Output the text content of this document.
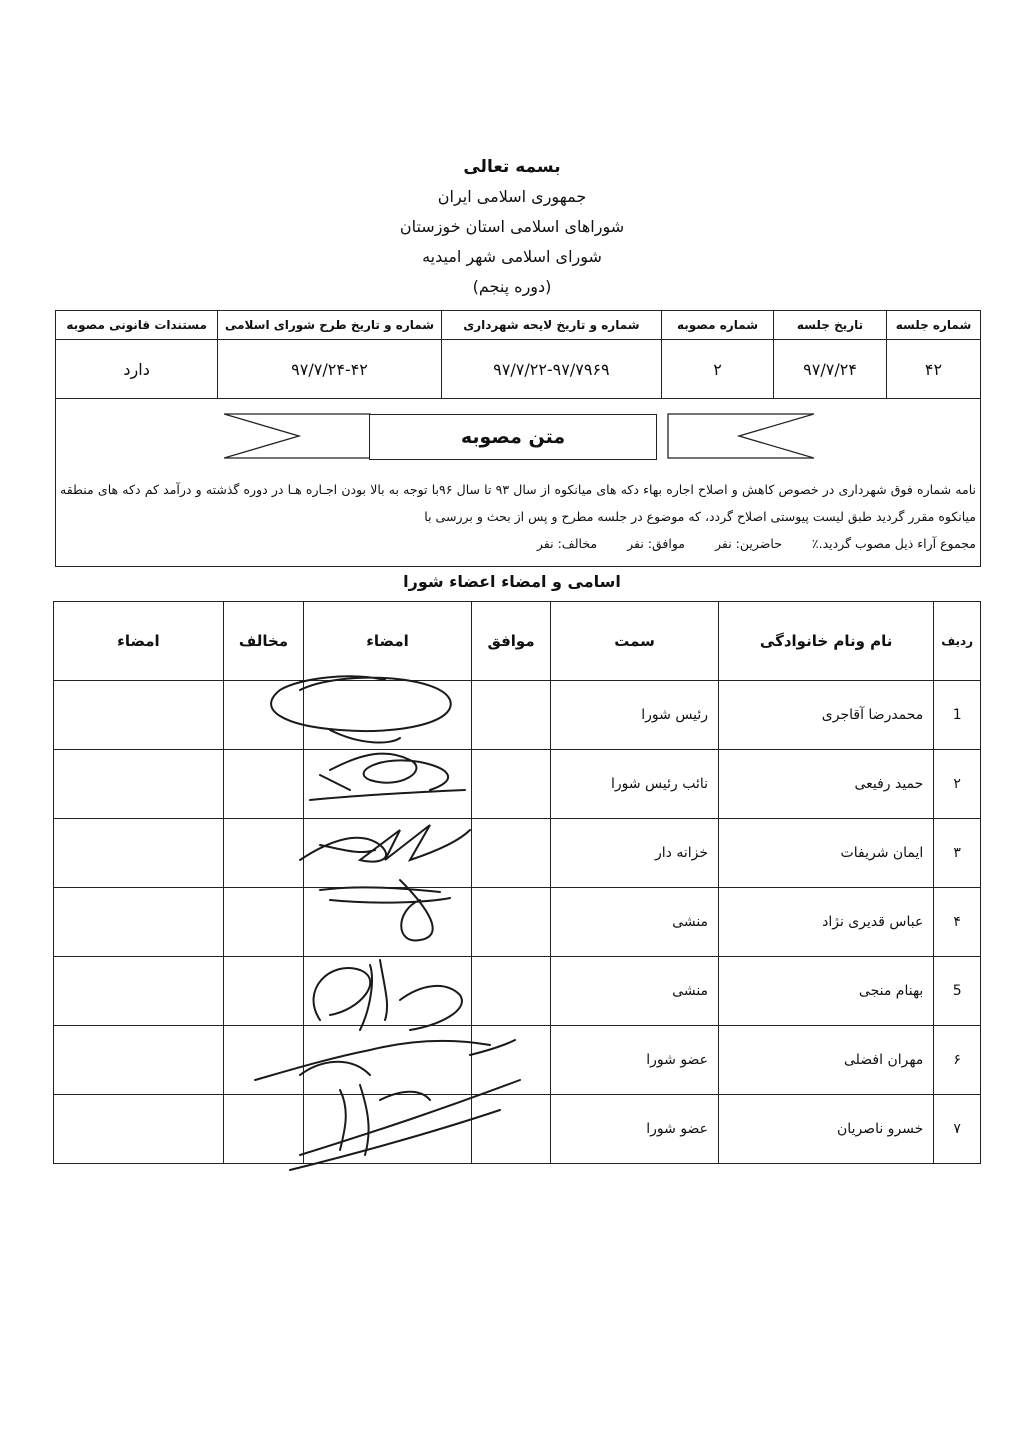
بسمه تعالی
جمهوری اسلامی ایران
شوراهای اسلامی استان خوزستان
شورای اسلامی شهر امیدیه
(دوره پنجم)
شماره جلسه	تاریخ جلسه	شماره مصوبه	شماره و تاریخ لایحه شهرداری	شماره و تاریخ طرح شورای اسلامی	مستندات قانونی مصوبه
۴۲	۹۷/۷/۲۴	۲	۹۷/۷/۲۲-۹۷/۷۹۶۹	۹۷/۷/۲۴-۴۲	دارد
متن مصوبه
نامه شماره فوق شهرداری در خصوص کاهش و اصلاح اجاره بهاء دکه های میانکوه از سال ۹۳ تا سال ۹۶با توجه به بالا بودن اجـاره هـا در دوره گذشته و درآمد کم دکه های منطقه میانکوه مقرر گردید طبق لیست پیوستی اصلاح گردد، که موضوع در جلسه مطرح و پس از بحث و بررسی با
مجموع آراء ذیل مصوب گردید.٪ حاضرین: نفر موافق: نفر مخالف: نفر
اسامی و امضاء اعضاء شورا
ردیف	نام ونام خانوادگی	سمت	موافق	امضاء	مخالف	امضاء
1	محمدرضا آقاجری	رئیس شورا				
۲	حمید رفیعی	نائب رئیس شورا				
۳	ایمان شریفات	خزانه دار				
۴	عباس قدیری نژاد	منشی				
5	بهنام منجی	منشی				
۶	مهران افضلی	عضو شورا				
۷	خسرو ناصریان	عضو شورا				
